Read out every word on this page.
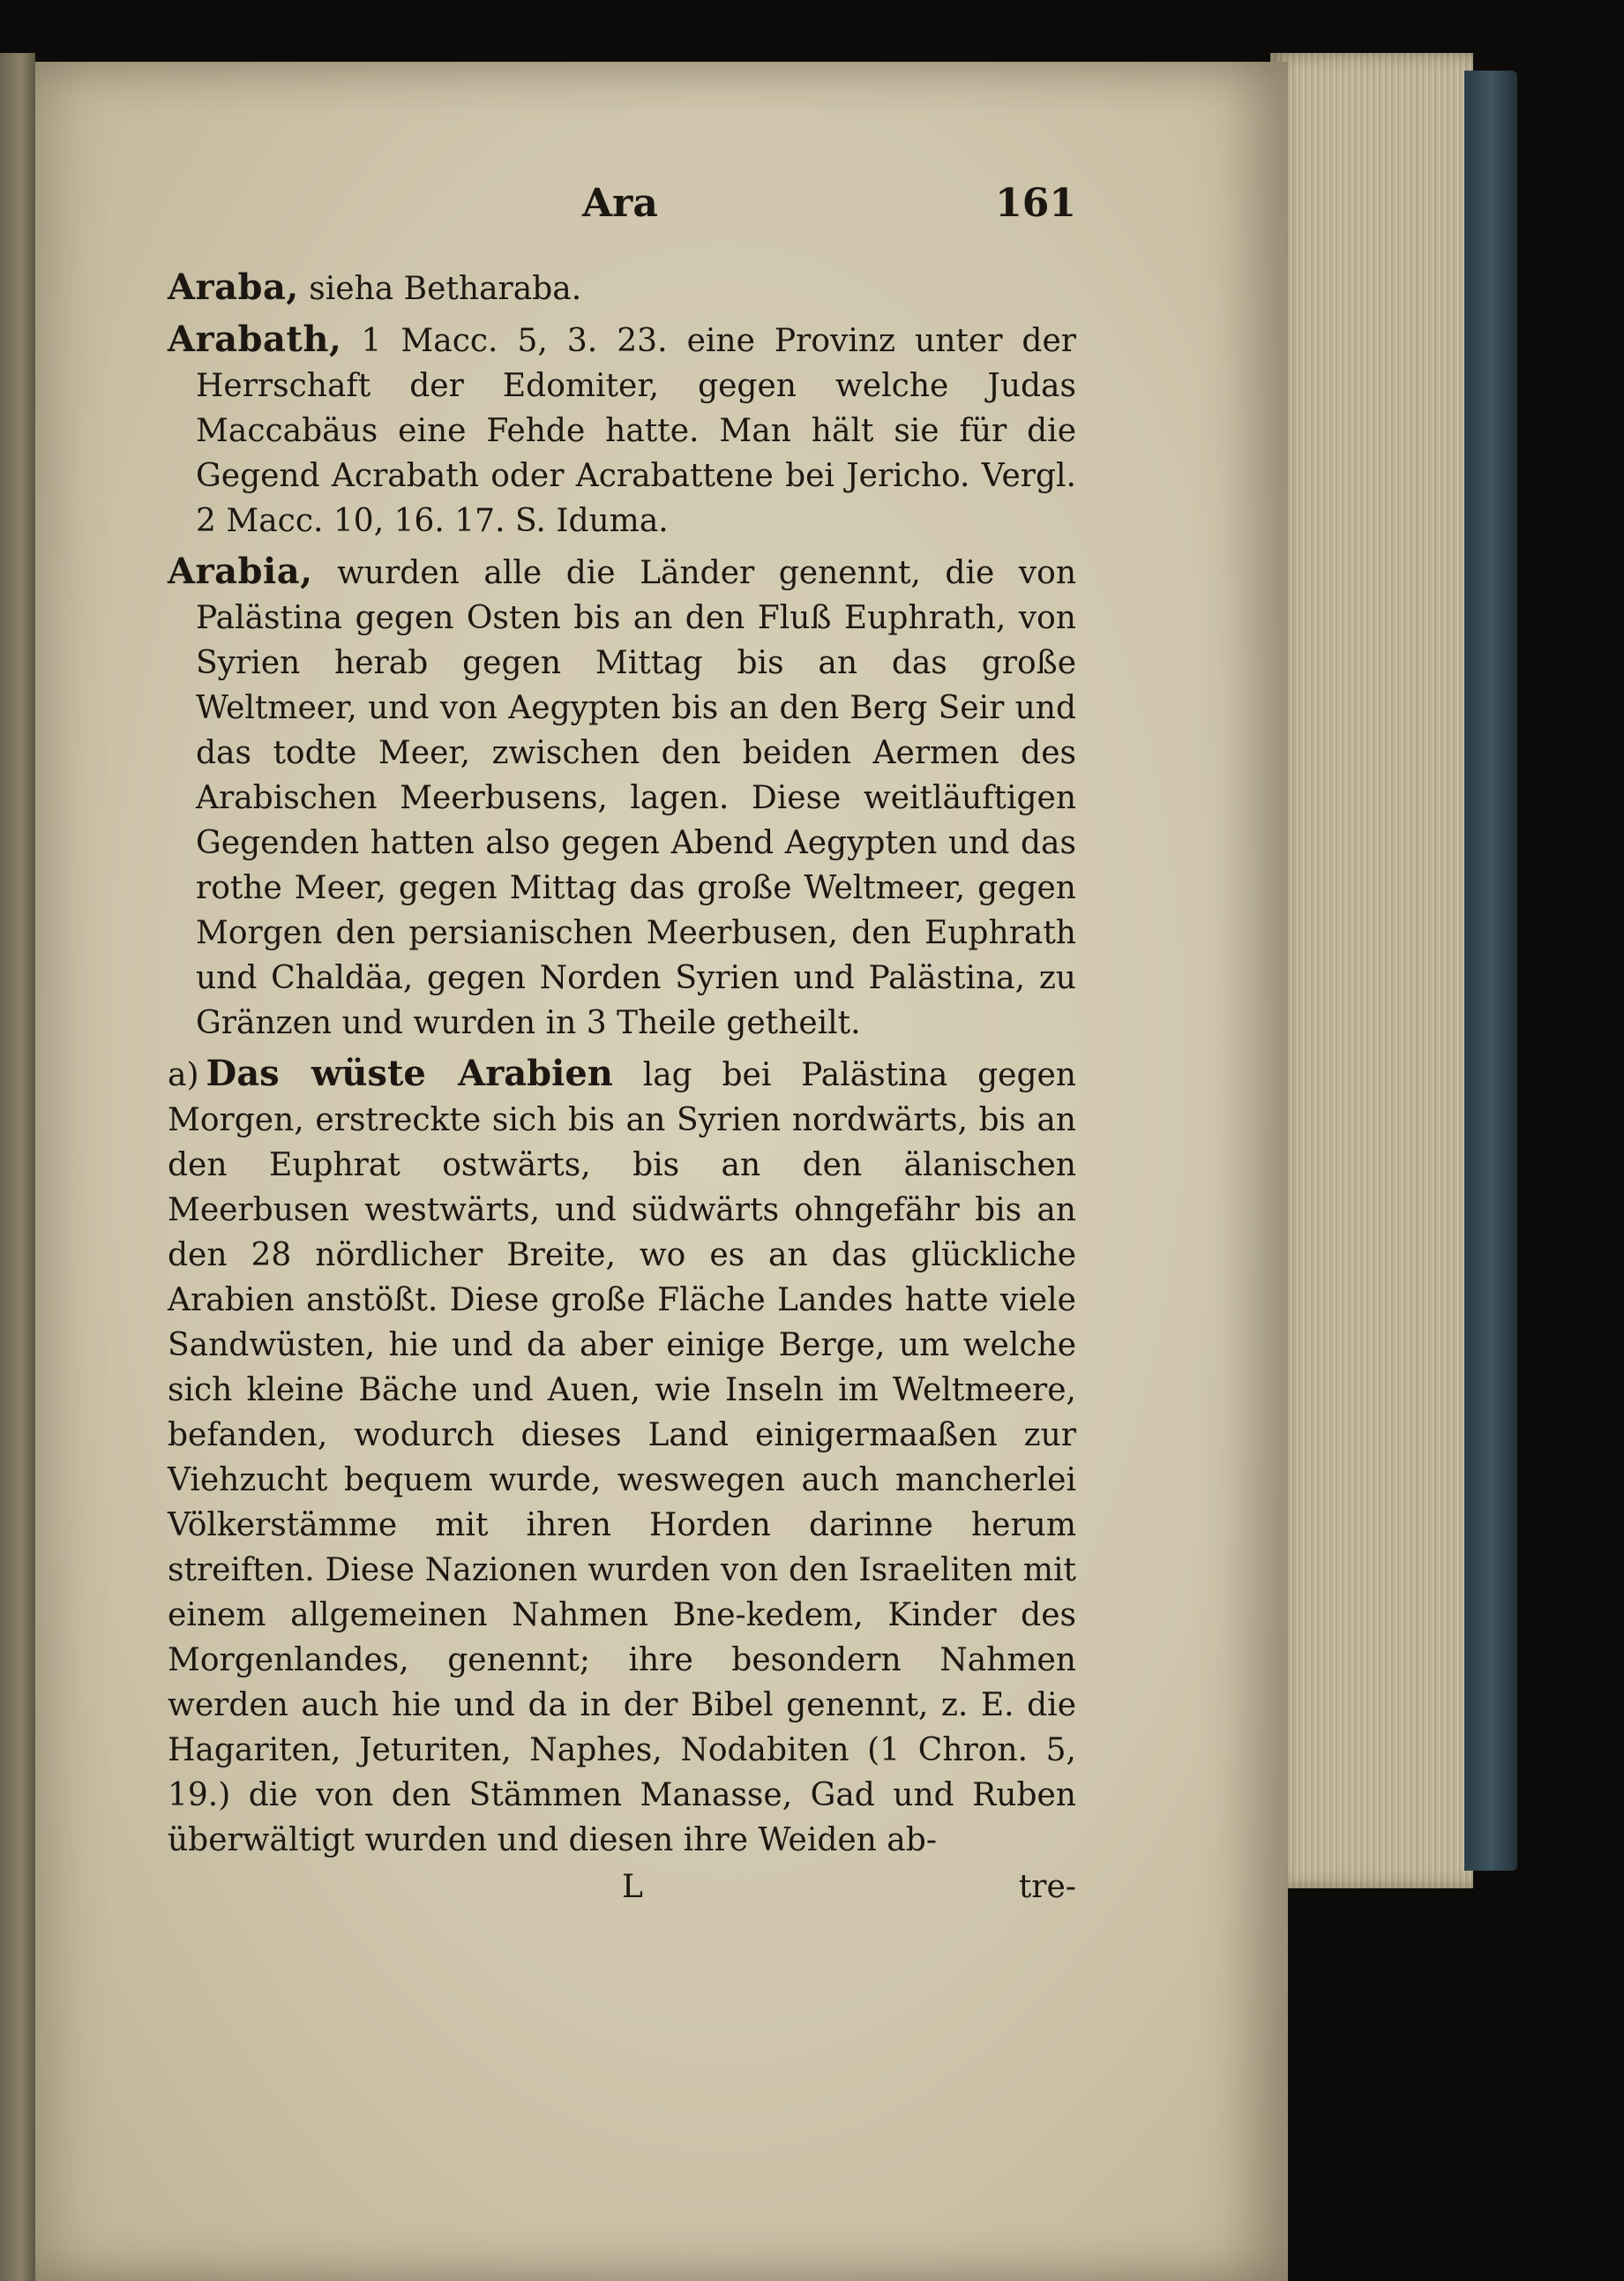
Ara	161

Araba, sieha Betharaba.

Arabath, 1 Macc. 5, 3. 23. eine Provinz unter der Herrschaft der Edomiter, gegen welche Judas Maccabäus eine Fehde hatte. Man hält sie für die Gegend Acrabath oder Acrabattene bei Jericho. Vergl. 2 Macc. 10, 16. 17. S. Iduma.

Arabia, wurden alle die Länder genennt, die von Palästina gegen Osten bis an den Fluß Euphrath, von Syrien herab gegen Mittag bis an das große Weltmeer, und von Aegypten bis an den Berg Seir und das todte Meer, zwischen den beiden Aermen des Arabischen Meerbusens, lagen. Diese weitläuftigen Gegenden hatten also gegen Abend Aegypten und das rothe Meer, gegen Mittag das große Weltmeer, gegen Morgen den persianischen Meerbusen, den Euphrath und Chaldäa, gegen Norden Syrien und Palästina, zu Gränzen und wurden in 3 Theile getheilt.

a) Das wüste Arabien lag bei Palästina gegen Morgen, erstreckte sich bis an Syrien nordwärts, bis an den Euphrat ostwärts, bis an den älanischen Meerbusen westwärts, und südwärts ohngefähr bis an den 28 nördlicher Breite, wo es an das glückliche Arabien anstößt. Diese große Fläche Landes hatte viele Sandwüsten, hie und da aber einige Berge, um welche sich kleine Bäche und Auen, wie Inseln im Weltmeere, befanden, wodurch dieses Land einigermaaßen zur Viehzucht bequem wurde, weswegen auch mancherlei Völkerstämme mit ihren Horden darinne herum streiften. Diese Nazionen wurden von den Israeliten mit einem allgemeinen Nahmen Bne-kedem, Kinder des Morgenlandes, genennt; ihre besondern Nahmen werden auch hie und da in der Bibel genennt, z. E. die Hagariten, Jeturiten, Naphes, Nodabiten (1 Chron. 5, 19.) die von den Stämmen Manasse, Gad und Ruben überwältigt wurden und diesen ihre Weiden ab-

L	tre-
